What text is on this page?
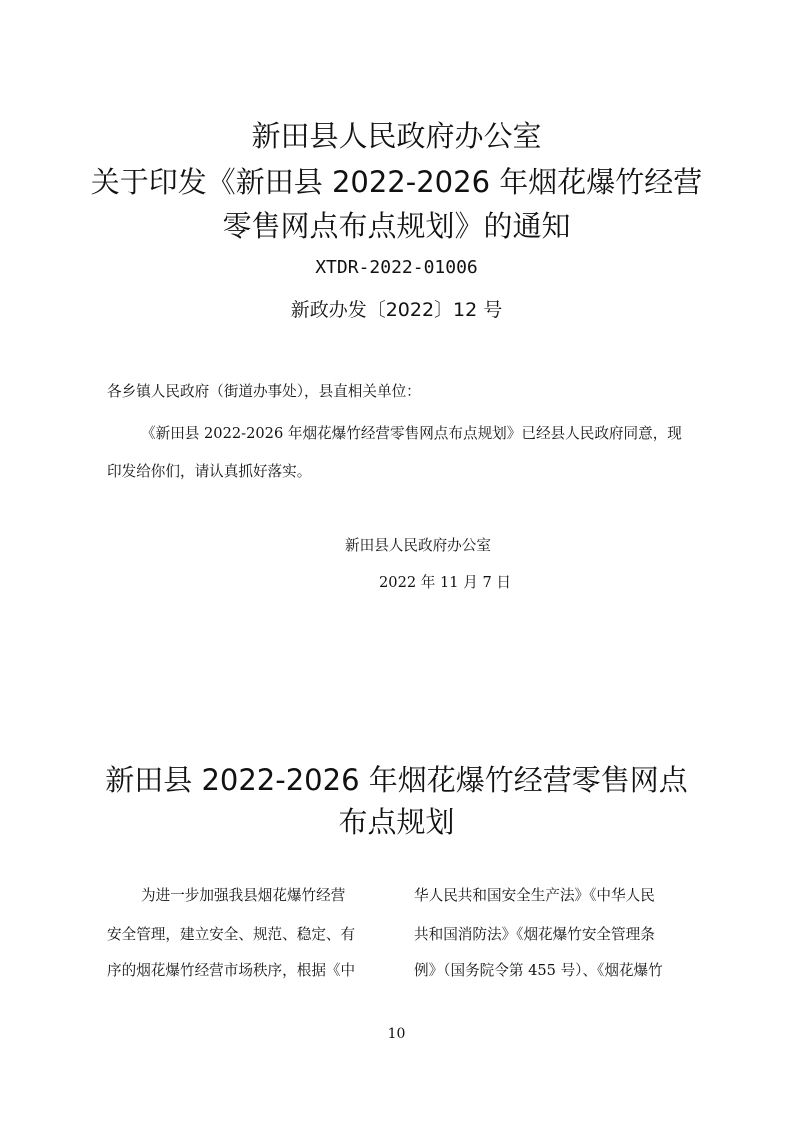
新田县人民政府办公室
关于印发《新田县 2022-2026 年烟花爆竹经营
零售网点布点规划》的通知
XTDR-2022-01006
新政办发〔2022〕12 号
各乡镇人民政府（街道办事处），县直相关单位：
《新田县 2022-2026 年烟花爆竹经营零售网点布点规划》已经县人民政府同意，现
印发给你们，请认真抓好落实。
新田县人民政府办公室
2022 年 11 月 7 日
新田县 2022-2026 年烟花爆竹经营零售网点
布点规划
为进一步加强我县烟花爆竹经营
安全管理，建立安全、规范、稳定、有
序的烟花爆竹经营市场秩序，根据《中
华人民共和国安全生产法》《中华人民
共和国消防法》《烟花爆竹安全管理条
例》（国务院令第 455 号）、《烟花爆竹
10
